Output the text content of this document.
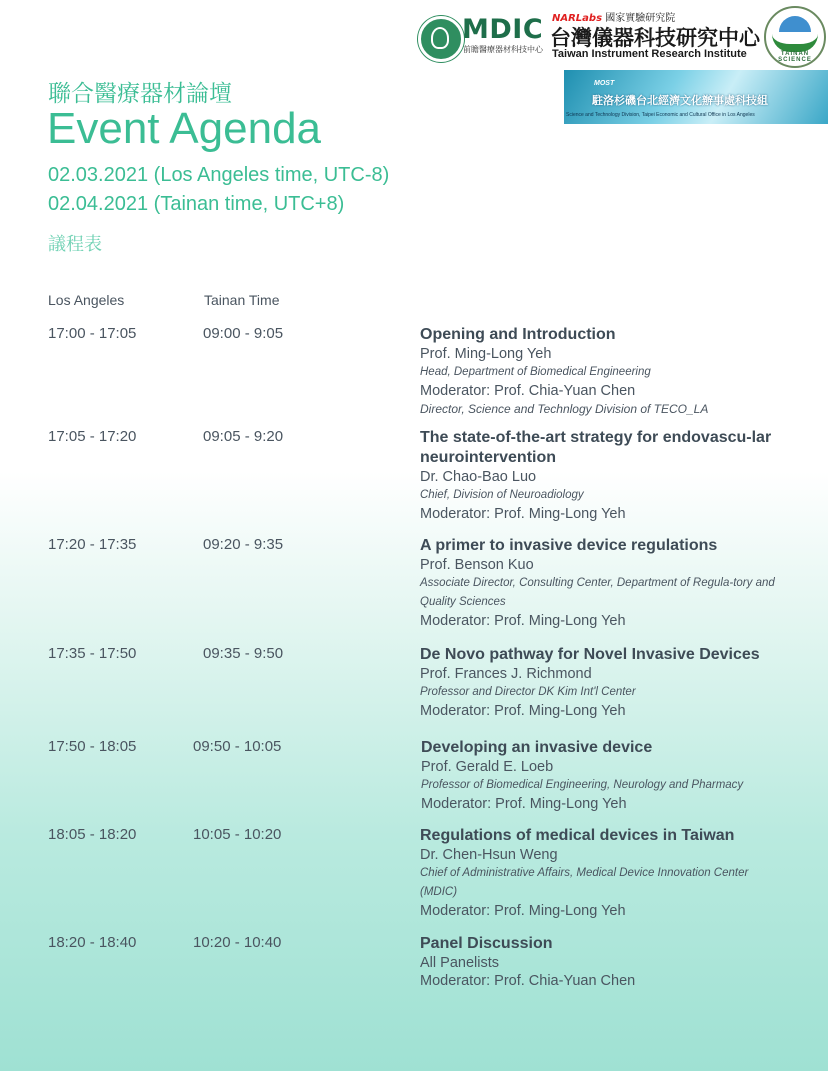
MDIC
前瞻醫療器材科技中心
NARLabs 國家實驗研究院
台灣儀器科技研究中心
Taiwan Instrument Research Institute	TAINAN SCIENCE
MOST
駐洛杉磯台北經濟文化辦事處科技組
Science and Technology Division, Taipei Economic and Cultural Office in Los Angeles
聯合醫療器材論壇
Event Agenda
02.03.2021 (Los Angeles time, UTC-8)
02.04.2021 (Tainan time, UTC+8)
議程表
Los Angeles	Tainan Time
17:00 - 17:05	09:00 - 9:05	Opening and Introduction
Prof. Ming-Long Yeh
Head, Department of Biomedical Engineering
Moderator: Prof. Chia-Yuan Chen
Director, Science and Technlogy Division of TECO_LA
17:05 - 17:20	09:05 - 9:20	The state-of-the-art strategy for endovascu-lar neurointervention
Dr. Chao-Bao Luo
Chief, Division of Neuroadiology
Moderator: Prof. Ming-Long Yeh
17:20 - 17:35	09:20 - 9:35	A primer to invasive device regulations
Prof. Benson Kuo
Associate Director, Consulting Center, Department of Regula-tory and Quality Sciences
Moderator: Prof. Ming-Long Yeh
17:35 - 17:50	09:35 - 9:50	De Novo pathway for Novel Invasive Devices
Prof. Frances J. Richmond
Professor and Director DK Kim Int'l Center
Moderator: Prof. Ming-Long Yeh
17:50 - 18:05	09:50 - 10:05	Developing an invasive device
Prof. Gerald E. Loeb
Professor of Biomedical Engineering, Neurology and Pharmacy
Moderator: Prof. Ming-Long Yeh
18:05 - 18:20	10:05 - 10:20	Regulations of medical devices in Taiwan
Dr. Chen-Hsun Weng
Chief of Administrative Affairs, Medical Device Innovation Center (MDIC)
Moderator: Prof. Ming-Long Yeh
18:20 - 18:40	10:20 - 10:40	Panel Discussion
All Panelists
Moderator: Prof. Chia-Yuan Chen
